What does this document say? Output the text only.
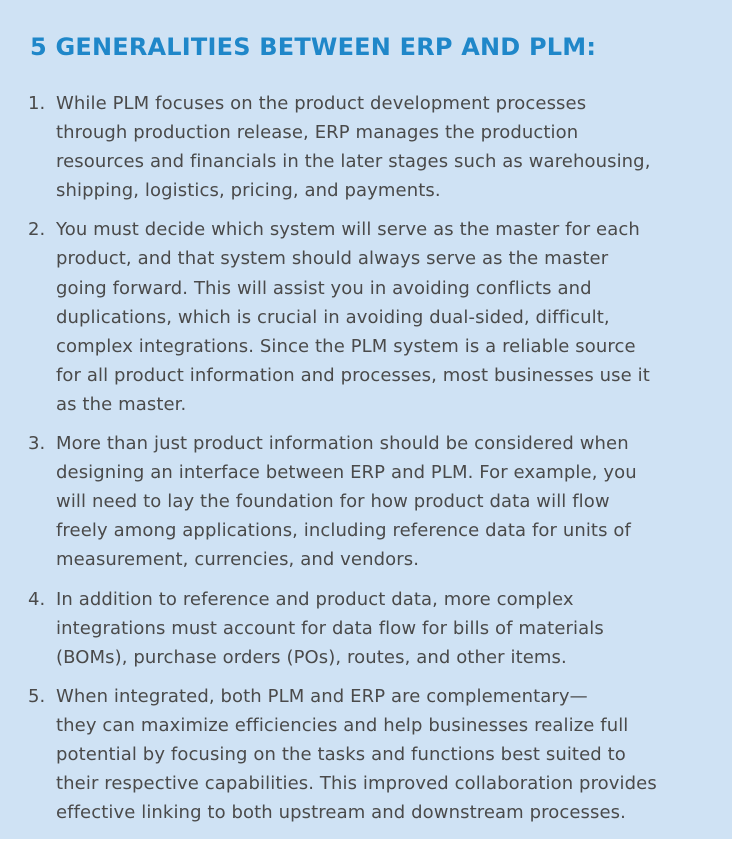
5 GENERALITIES BETWEEN ERP AND PLM:
1. While PLM focuses on the product development processes
through production release, ERP manages the production
resources and financials in the later stages such as warehousing,
shipping, logistics, pricing, and payments.
2. You must decide which system will serve as the master for each
product, and that system should always serve as the master
going forward. This will assist you in avoiding conflicts and
duplications, which is crucial in avoiding dual-sided, difficult,
complex integrations. Since the PLM system is a reliable source
for all product information and processes, most businesses use it
as the master.
3. More than just product information should be considered when
designing an interface between ERP and PLM. For example, you
will need to lay the foundation for how product data will flow
freely among applications, including reference data for units of
measurement, currencies, and vendors.
4. In addition to reference and product data, more complex
integrations must account for data flow for bills of materials
(BOMs), purchase orders (POs), routes, and other items.
5. When integrated, both PLM and ERP are complementary—
they can maximize efficiencies and help businesses realize full
potential by focusing on the tasks and functions best suited to
their respective capabilities. This improved collaboration provides
effective linking to both upstream and downstream processes.
